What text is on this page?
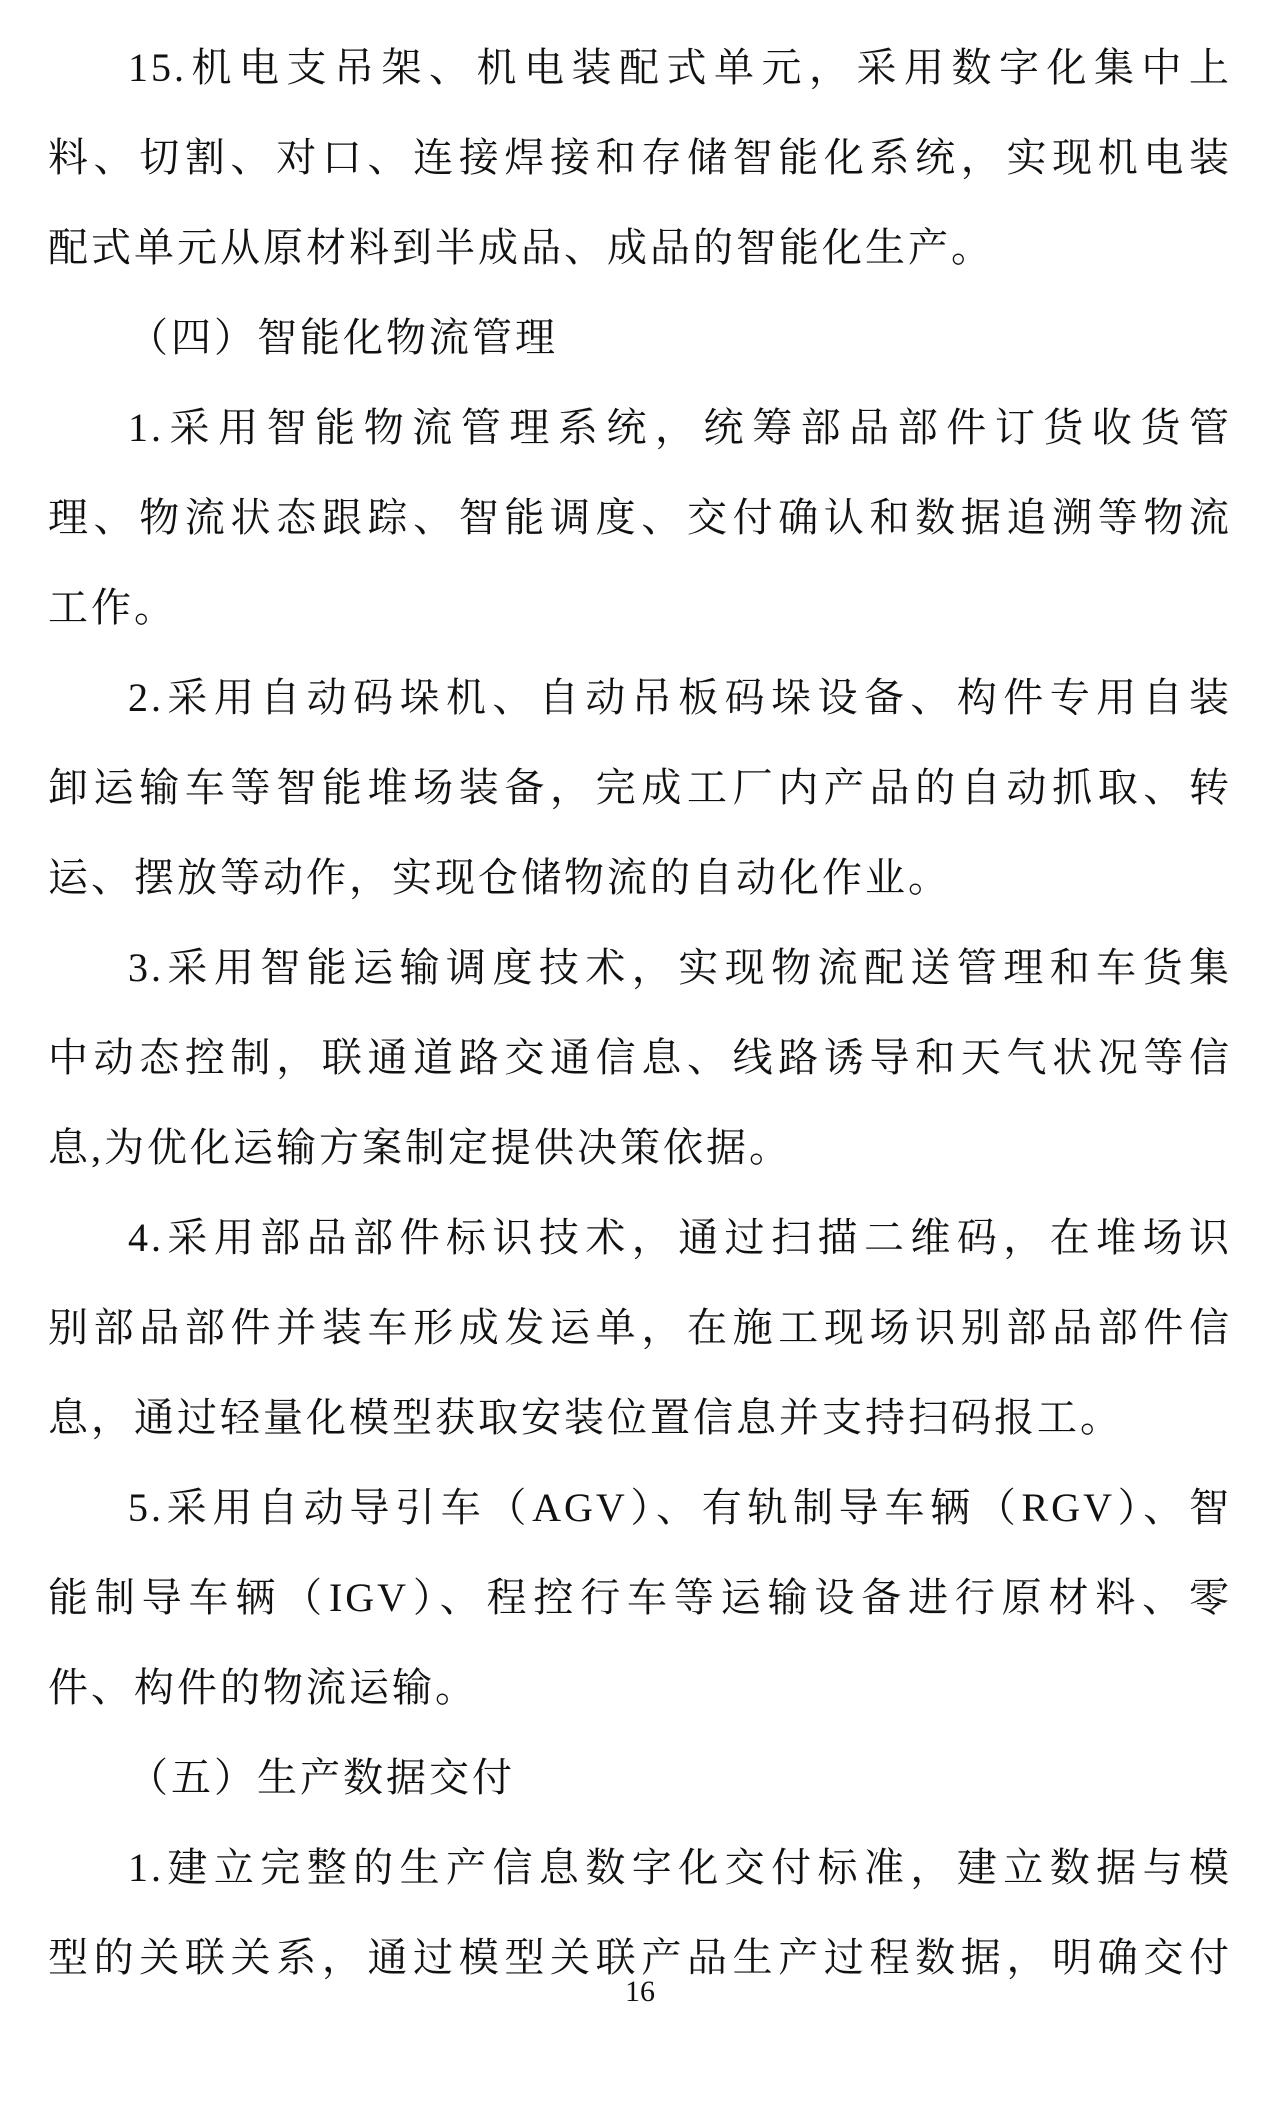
15.机电支吊架、机电装配式单元，采用数字化集中上
料、切割、对口、连接焊接和存储智能化系统，实现机电装
配式单元从原材料到半成品、成品的智能化生产。
（四）智能化物流管理
1.采用智能物流管理系统，统筹部品部件订货收货管
理、物流状态跟踪、智能调度、交付确认和数据追溯等物流
工作。
2.采用自动码垛机、自动吊板码垛设备、构件专用自装
卸运输车等智能堆场装备，完成工厂内产品的自动抓取、转
运、摆放等动作，实现仓储物流的自动化作业。
3.采用智能运输调度技术，实现物流配送管理和车货集
中动态控制，联通道路交通信息、线路诱导和天气状况等信
息,为优化运输方案制定提供决策依据。
4.采用部品部件标识技术，通过扫描二维码，在堆场识
别部品部件并装车形成发运单，在施工现场识别部品部件信
息，通过轻量化模型获取安装位置信息并支持扫码报工。
5.采用自动导引车（AGV）、有轨制导车辆（RGV）、智
能制导车辆（IGV）、程控行车等运输设备进行原材料、零
件、构件的物流运输。
（五）生产数据交付
1.建立完整的生产信息数字化交付标准，建立数据与模
型的关联关系，通过模型关联产品生产过程数据，明确交付
16
